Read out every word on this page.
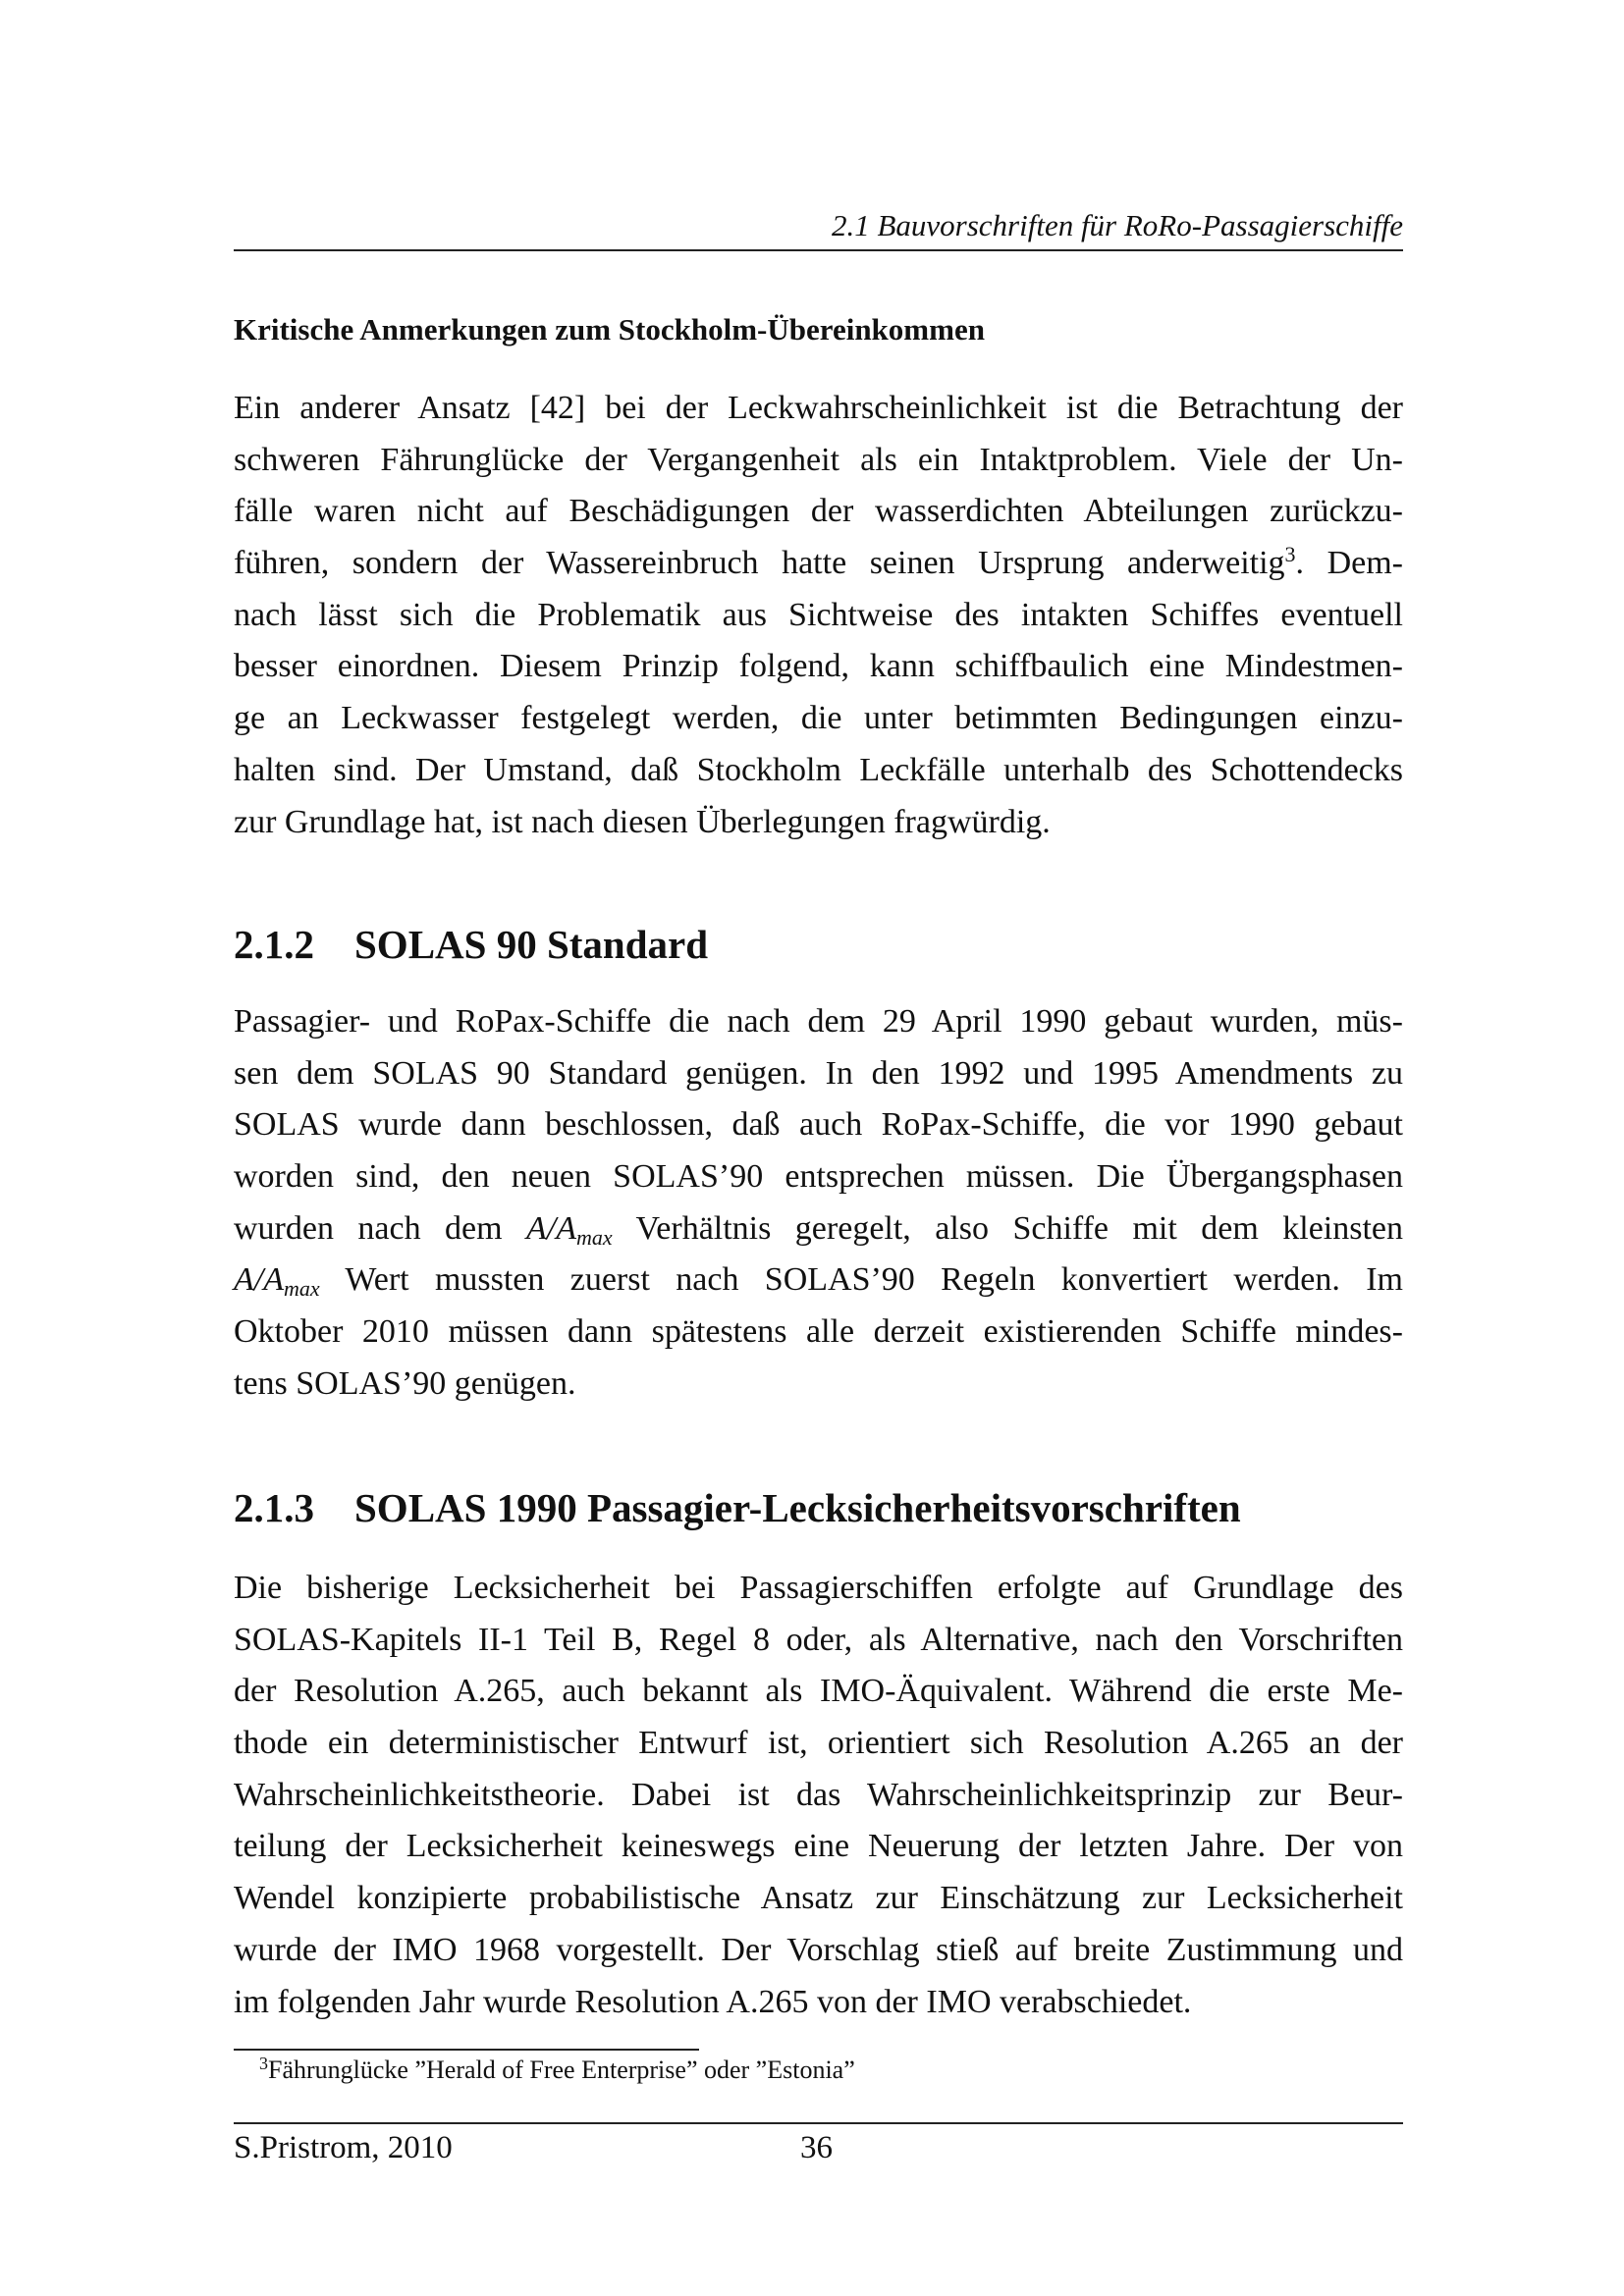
2.1 Bauvorschriften für RoRo-Passagierschiffe
Kritische Anmerkungen zum Stockholm-Übereinkommen
Ein anderer Ansatz [42] bei der Leckwahrscheinlichkeit ist die Betrachtung der
schweren Fährunglücke der Vergangenheit als ein Intaktproblem. Viele der Un-
fälle waren nicht auf Beschädigungen der wasserdichten Abteilungen zurückzu-
führen, sondern der Wassereinbruch hatte seinen Ursprung anderweitig$^3$. Dem-
nach lässt sich die Problematik aus Sichtweise des intakten Schiffes eventuell
besser einordnen. Diesem Prinzip folgend, kann schiffbaulich eine Mindestmen-
ge an Leckwasser festgelegt werden, die unter betimmten Bedingungen einzu-
halten sind. Der Umstand, daß Stockholm Leckfälle unterhalb des Schottendecks
zur Grundlage hat, ist nach diesen Überlegungen fragwürdig.
2.1.2 SOLAS 90 Standard
Passagier- und RoPax-Schiffe die nach dem 29 April 1990 gebaut wurden, müs-
sen dem SOLAS 90 Standard genügen. In den 1992 und 1995 Amendments zu
SOLAS wurde dann beschlossen, daß auch RoPax-Schiffe, die vor 1990 gebaut
worden sind, den neuen SOLAS’90 entsprechen müssen. Die Übergangsphasen
wurden nach dem $A/A_{max}$ Verhältnis geregelt, also Schiffe mit dem kleinsten
$A/A_{max}$ Wert mussten zuerst nach SOLAS’90 Regeln konvertiert werden. Im
Oktober 2010 müssen dann spätestens alle derzeit existierenden Schiffe mindes-
tens SOLAS’90 genügen.
2.1.3 SOLAS 1990 Passagier-Lecksicherheitsvorschriften
Die bisherige Lecksicherheit bei Passagierschiffen erfolgte auf Grundlage des
SOLAS-Kapitels II-1 Teil B, Regel 8 oder, als Alternative, nach den Vorschriften
der Resolution A.265, auch bekannt als IMO-Äquivalent. Während die erste Me-
thode ein deterministischer Entwurf ist, orientiert sich Resolution A.265 an der
Wahrscheinlichkeitstheorie. Dabei ist das Wahrscheinlichkeitsprinzip zur Beur-
teilung der Lecksicherheit keineswegs eine Neuerung der letzten Jahre. Der von
Wendel konzipierte probabilistische Ansatz zur Einschätzung zur Lecksicherheit
wurde der IMO 1968 vorgestellt. Der Vorschlag stieß auf breite Zustimmung und
im folgenden Jahr wurde Resolution A.265 von der IMO verabschiedet.
$^3$Fährunglücke ”Herald of Free Enterprise” oder ”Estonia”
S.Pristrom, 2010	36
